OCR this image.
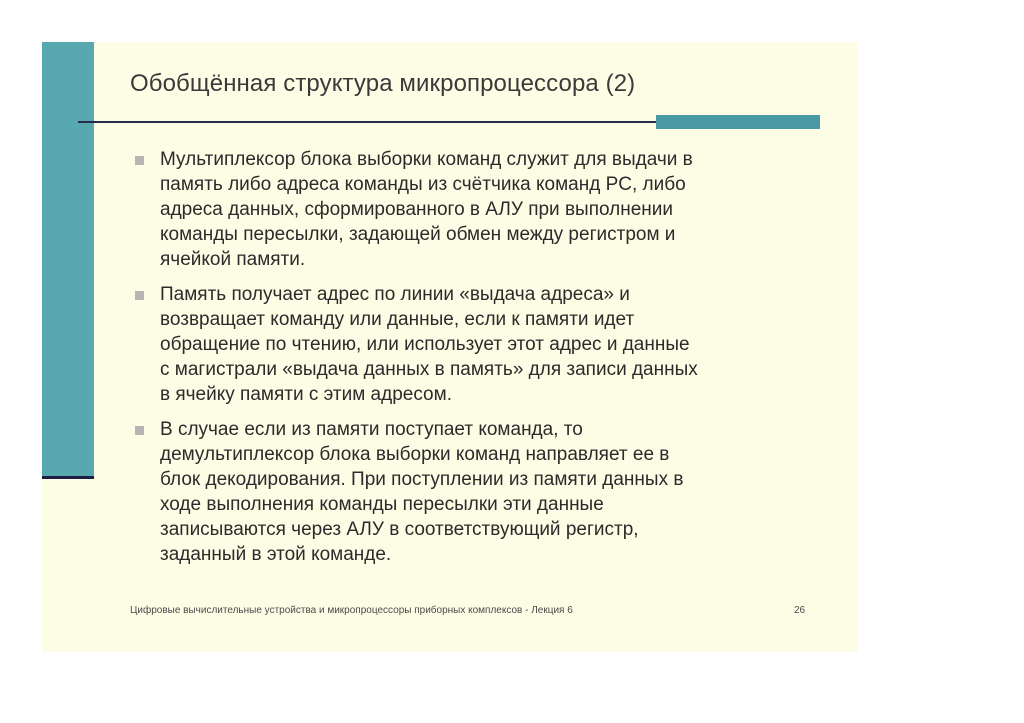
Обобщённая структура микропроцессора (2)
Мультиплексор блока выборки команд служит для выдачи в
память либо адреса команды из счётчика команд PC, либо
адреса данных, сформированного в АЛУ при выполнении
команды пересылки, задающей обмен между регистром и
ячейкой памяти.
Память получает адрес по линии «выдача адреса» и
возвращает команду или данные, если к памяти идет
обращение по чтению, или использует этот адрес и данные
с магистрали «выдача данных в память» для записи данных
в ячейку памяти с этим адресом.
В случае если из памяти поступает команда, то
демультиплексор блока выборки команд направляет ее в
блок декодирования. При поступлении из памяти данных в
ходе выполнения команды пересылки эти данные
записываются через АЛУ в соответствующий регистр,
заданный в этой команде.
Цифровые вычислительные устройства и микропроцессоры приборных комплексов - Лекция 6	26
